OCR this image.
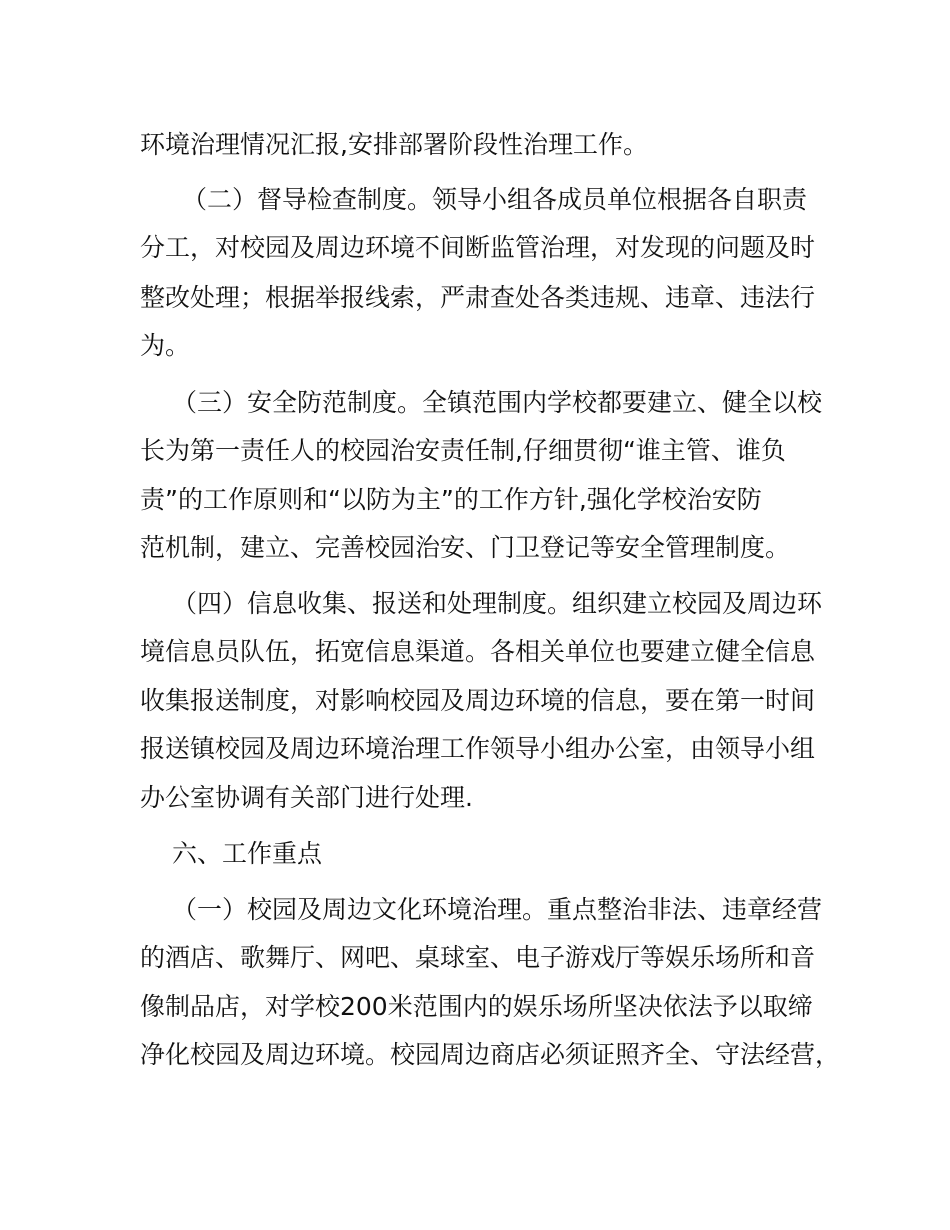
环境治理情况汇报,安排部署阶段性治理工作。
（二）督导检查制度。领导小组各成员单位根据各自职责
分工，对校园及周边环境不间断监管治理，对发现的问题及时
整改处理；根据举报线索，严肃查处各类违规、违章、违法行
为。
（三）安全防范制度。全镇范围内学校都要建立、健全以校
长为第一责任人的校园治安责任制,仔细贯彻“谁主管、谁负
责”的工作原则和“以防为主”的工作方针,强化学校治安防
范机制，建立、完善校园治安、门卫登记等安全管理制度。
（四）信息收集、报送和处理制度。组织建立校园及周边环
境信息员队伍，拓宽信息渠道。各相关单位也要建立健全信息
收集报送制度，对影响校园及周边环境的信息，要在第一时间
报送镇校园及周边环境治理工作领导小组办公室，由领导小组
办公室协调有关部门进行处理.
六、工作重点
（一）校园及周边文化环境治理。重点整治非法、违章经营
的酒店、歌舞厅、网吧、桌球室、电子游戏厅等娱乐场所和音
像制品店，对学校200米范围内的娱乐场所坚决依法予以取缔
净化校园及周边环境。校园周边商店必须证照齐全、守法经营，
